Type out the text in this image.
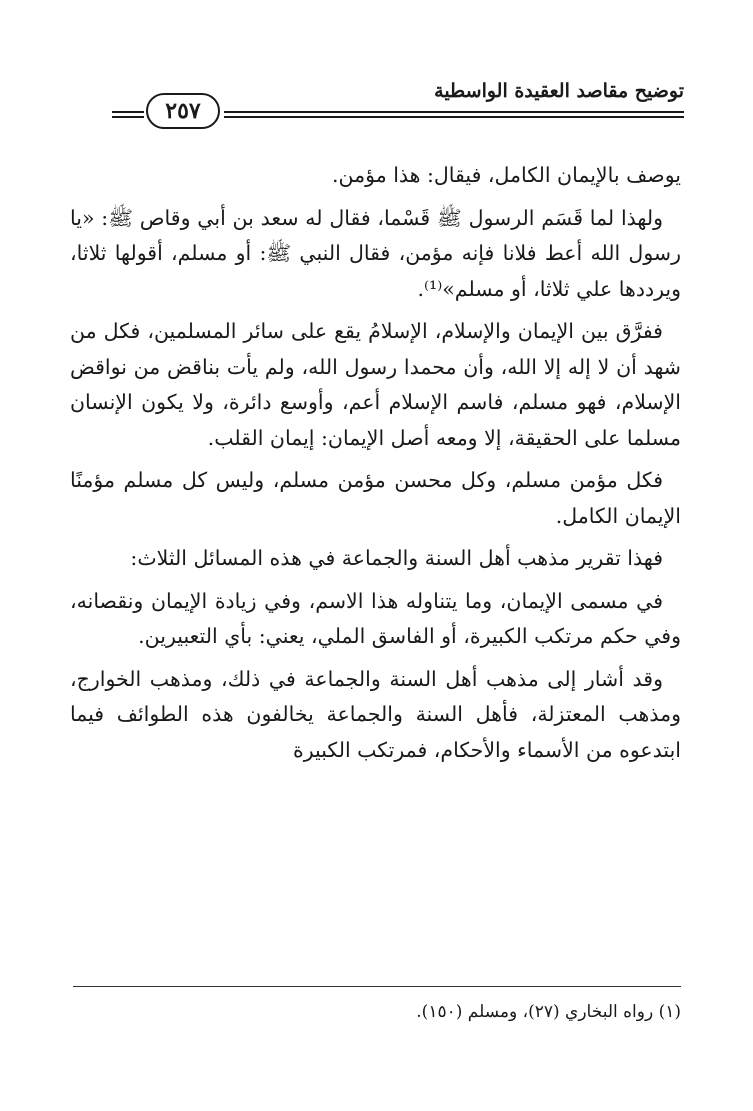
توضيح مقاصد العقيدة الواسطية
٢٥٧

يوصف بالإيمان الكامل، فيقال: هذا مؤمن.

ولهذا لما قَسَم الرسول ﷺ قَسْما، فقال له سعد بن أبي وقاص ﷺ: «يا رسول الله أعط فلانا فإنه مؤمن، فقال النبي ﷺ: أو مسلم، أقولها ثلاثا، ويرددها علي ثلاثا، أو مسلم»⁽¹⁾.

ففرَّق بين الإيمان والإسلام، الإسلامُ يقع على سائر المسلمين، فكل من شهد أن لا إله إلا الله، وأن محمدا رسول الله، ولم يأت بناقض من نواقض الإسلام، فهو مسلم، فاسم الإسلام أعم، وأوسع دائرة، ولا يكون الإنسان مسلما على الحقيقة، إلا ومعه أصل الإيمان: إيمان القلب.

فكل مؤمن مسلم، وكل محسن مؤمن مسلم، وليس كل مسلم مؤمنًا الإيمان الكامل.

فهذا تقرير مذهب أهل السنة والجماعة في هذه المسائل الثلاث:

في مسمى الإيمان، وما يتناوله هذا الاسم، وفي زيادة الإيمان ونقصانه، وفي حكم مرتكب الكبيرة، أو الفاسق الملي، يعني: بأي التعبيرين.

وقد أشار إلى مذهب أهل السنة والجماعة في ذلك، ومذهب الخوارج، ومذهب المعتزلة، فأهل السنة والجماعة يخالفون هذه الطوائف فيما ابتدعوه من الأسماء والأحكام، فمرتكب الكبيرة

(١) رواه البخاري (٢٧)، ومسلم (١٥٠).
